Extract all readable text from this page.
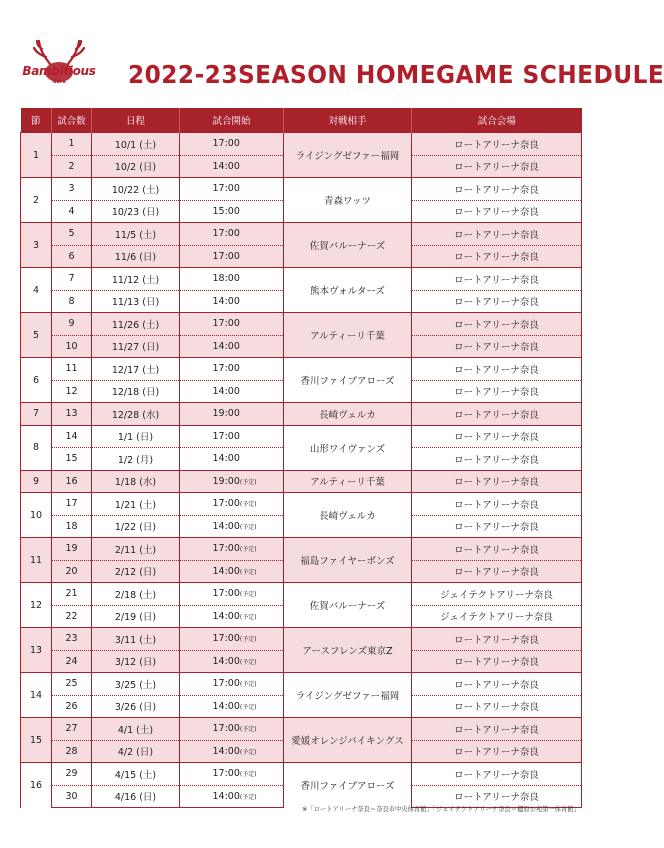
Bambitious
Nara	2022-23SEASON HOMEGAME SCHEDULE
節	試合数	日程	試合開始	対戦相手	試合会場
1	1	10/1 (土)	17:00	ライジングゼファー福岡	ロートアリーナ奈良
	2	10/2 (日)	14:00		ロートアリーナ奈良
2	3	10/22 (土)	17:00	青森ワッツ	ロートアリーナ奈良
	4	10/23 (日)	15:00		ロートアリーナ奈良
3	5	11/5 (土)	17:00	佐賀バルーナーズ	ロートアリーナ奈良
	6	11/6 (日)	17:00		ロートアリーナ奈良
4	7	11/12 (土)	18:00	熊本ヴォルターズ	ロートアリーナ奈良
	8	11/13 (日)	14:00		ロートアリーナ奈良
5	9	11/26 (土)	17:00	アルティーリ千葉	ロートアリーナ奈良
	10	11/27 (日)	14:00		ロートアリーナ奈良
6	11	12/17 (土)	17:00	香川ファイブアローズ	ロートアリーナ奈良
	12	12/18 (日)	14:00		ロートアリーナ奈良
7	13	12/28 (水)	19:00	長崎ヴェルカ	ロートアリーナ奈良
8	14	1/1 (日)	17:00	山形ワイヴァンズ	ロートアリーナ奈良
	15	1/2 (月)	14:00		ロートアリーナ奈良
9	16	1/18 (水)	19:00(予定)	アルティーリ千葉	ロートアリーナ奈良
10	17	1/21 (土)	17:00(予定)	長崎ヴェルカ	ロートアリーナ奈良
	18	1/22 (日)	14:00(予定)		ロートアリーナ奈良
11	19	2/11 (土)	17:00(予定)	福島ファイヤーボンズ	ロートアリーナ奈良
	20	2/12 (日)	14:00(予定)		ロートアリーナ奈良
12	21	2/18 (土)	17:00(予定)	佐賀バルーナーズ	ジェイテクトアリーナ奈良
	22	2/19 (日)	14:00(予定)		ジェイテクトアリーナ奈良
13	23	3/11 (土)	17:00(予定)	アースフレンズ東京Z	ロートアリーナ奈良
	24	3/12 (日)	14:00(予定)		ロートアリーナ奈良
14	25	3/25 (土)	17:00(予定)	ライジングゼファー福岡	ロートアリーナ奈良
	26	3/26 (日)	14:00(予定)		ロートアリーナ奈良
15	27	4/1 (土)	17:00(予定)	愛媛オレンジバイキングス	ロートアリーナ奈良
	28	4/2 (日)	14:00(予定)		ロートアリーナ奈良
16	29	4/15 (土)	17:00(予定)	香川ファイブアローズ	ロートアリーナ奈良
	30	4/16 (日)	14:00(予定)		ロートアリーナ奈良
※「ロートアリーナ奈良＝奈良市中央体育館」「ジェイテクトアリーナ奈良＝橿原公苑第一体育館」
